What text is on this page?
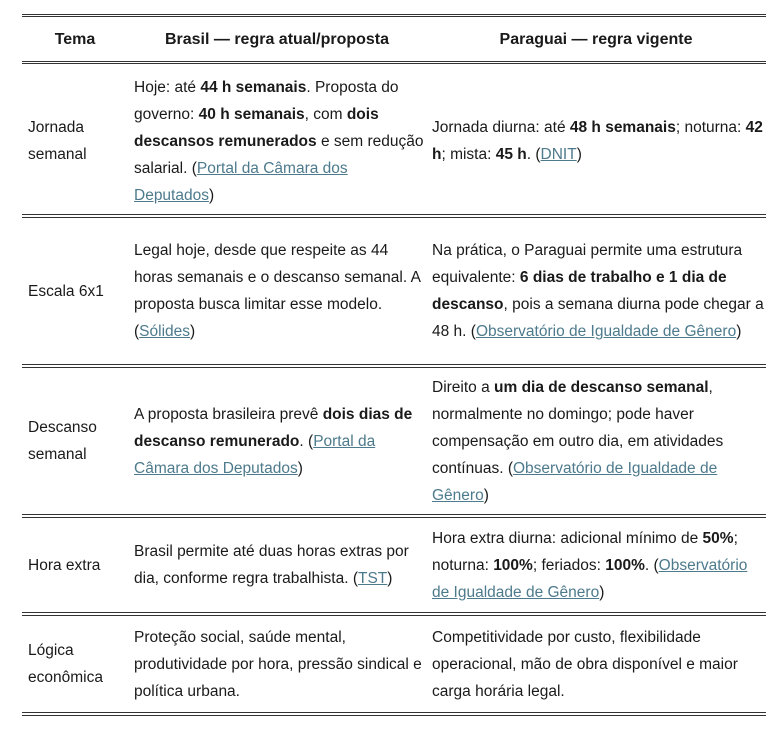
Tema	Brasil — regra atual/proposta	Paraguai — regra vigente

Jornada semanal	Hoje: até 44 h semanais. Proposta do governo: 40 h semanais, com dois descansos remunerados e sem redução salarial. (Portal da Câmara dos Deputados)	Jornada diurna: até 48 h semanais; noturna: 42 h; mista: 45 h. (DNIT)
Escala 6x1	Legal hoje, desde que respeite as 44 horas semanais e o descanso semanal. A proposta busca limitar esse modelo. (Sólides)	Na prática, o Paraguai permite uma estrutura equivalente: 6 dias de trabalho e 1 dia de descanso, pois a semana diurna pode chegar a 48 h. (Observatório de Igualdade de Gênero)
Descanso semanal	A proposta brasileira prevê dois dias de descanso remunerado. (Portal da Câmara dos Deputados)	Direito a um dia de descanso semanal, normalmente no domingo; pode haver compensação em outro dia, em atividades contínuas. (Observatório de Igualdade de Gênero)
Hora extra	Brasil permite até duas horas extras por dia, conforme regra trabalhista. (TST)	Hora extra diurna: adicional mínimo de 50%; noturna: 100%; feriados: 100%. (Observatório de Igualdade de Gênero)
Lógica econômica	Proteção social, saúde mental, produtividade por hora, pressão sindical e política urbana.	Competitividade por custo, flexibilidade operacional, mão de obra disponível e maior carga horária legal.
